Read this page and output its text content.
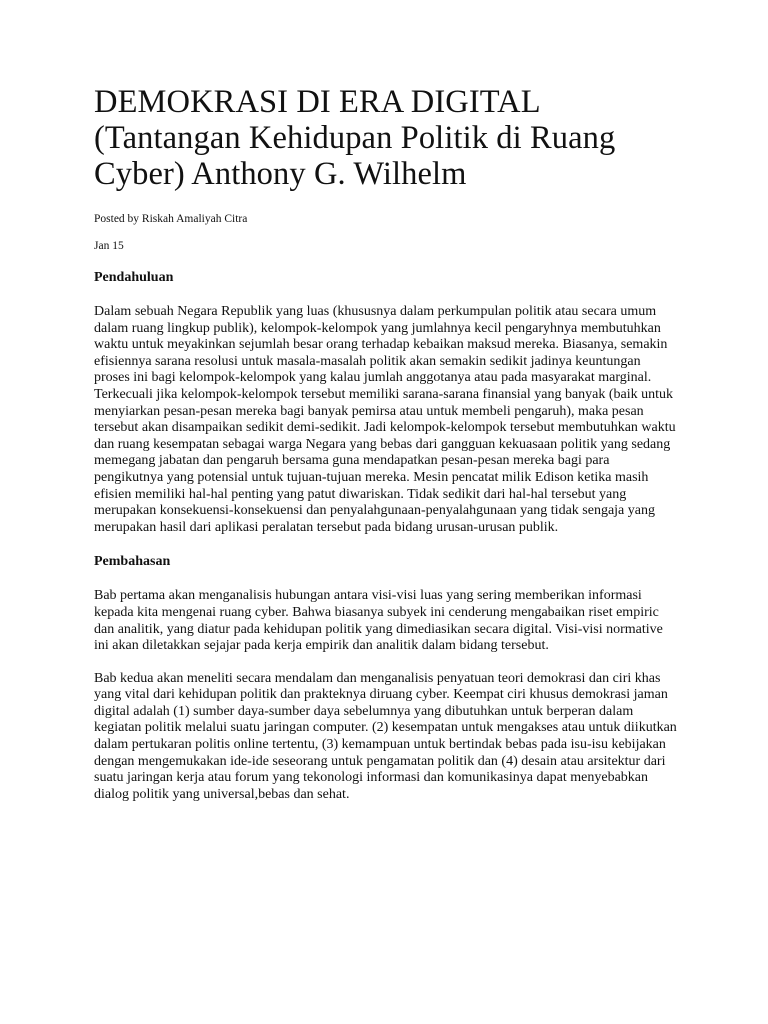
DEMOKRASI DI ERA DIGITAL (Tantangan Kehidupan Politik di Ruang Cyber) Anthony G. Wilhelm

Posted by Riskah Amaliyah Citra

Jan 15

Pendahuluan

Dalam sebuah Negara Republik yang luas (khususnya dalam perkumpulan politik atau secara umum dalam ruang lingkup publik), kelompok-kelompok yang jumlahnya kecil pengaryhnya membutuhkan waktu untuk meyakinkan sejumlah besar orang terhadap kebaikan maksud mereka. Biasanya, semakin efisiennya sarana resolusi untuk masala-masalah politik akan semakin sedikit jadinya keuntungan proses ini bagi kelompok-kelompok yang kalau jumlah anggotanya atau pada masyarakat marginal. Terkecuali jika kelompok-kelompok tersebut memiliki sarana-sarana finansial yang banyak (baik untuk menyiarkan pesan-pesan mereka bagi banyak pemirsa atau untuk membeli pengaruh), maka pesan tersebut akan disampaikan sedikit demi-sedikit. Jadi kelompok-kelompok tersebut membutuhkan waktu dan ruang kesempatan sebagai warga Negara yang bebas dari gangguan kekuasaan politik yang sedang memegang jabatan dan pengaruh bersama guna mendapatkan pesan-pesan mereka bagi para pengikutnya yang potensial untuk tujuan-tujuan mereka. Mesin pencatat milik Edison ketika masih efisien memiliki hal-hal penting yang patut diwariskan. Tidak sedikit dari hal-hal tersebut yang merupakan konsekuensi-konsekuensi dan penyalahgunaan-penyalahgunaan yang tidak sengaja yang merupakan hasil dari aplikasi peralatan tersebut pada bidang urusan-urusan publik.

Pembahasan

Bab pertama akan menganalisis hubungan antara visi-visi luas yang sering memberikan informasi kepada kita mengenai ruang cyber. Bahwa biasanya subyek ini cenderung mengabaikan riset empiric dan analitik, yang diatur pada kehidupan politik yang dimediasikan secara digital. Visi-visi normative ini akan diletakkan sejajar pada kerja empirik dan analitik dalam bidang tersebut.

Bab kedua akan meneliti secara mendalam dan menganalisis penyatuan teori demokrasi dan ciri khas yang vital dari kehidupan politik dan prakteknya diruang cyber. Keempat ciri khusus demokrasi jaman digital adalah (1) sumber daya-sumber daya sebelumnya yang dibutuhkan untuk berperan dalam kegiatan politik melalui suatu jaringan computer. (2) kesempatan untuk mengakses atau untuk diikutkan dalam pertukaran politis online tertentu, (3) kemampuan untuk bertindak bebas pada isu-isu kebijakan dengan mengemukakan ide-ide seseorang untuk pengamatan politik dan (4) desain atau arsitektur dari suatu jaringan kerja atau forum yang tekonologi informasi dan komunikasinya dapat menyebabkan dialog politik yang universal,bebas dan sehat.
